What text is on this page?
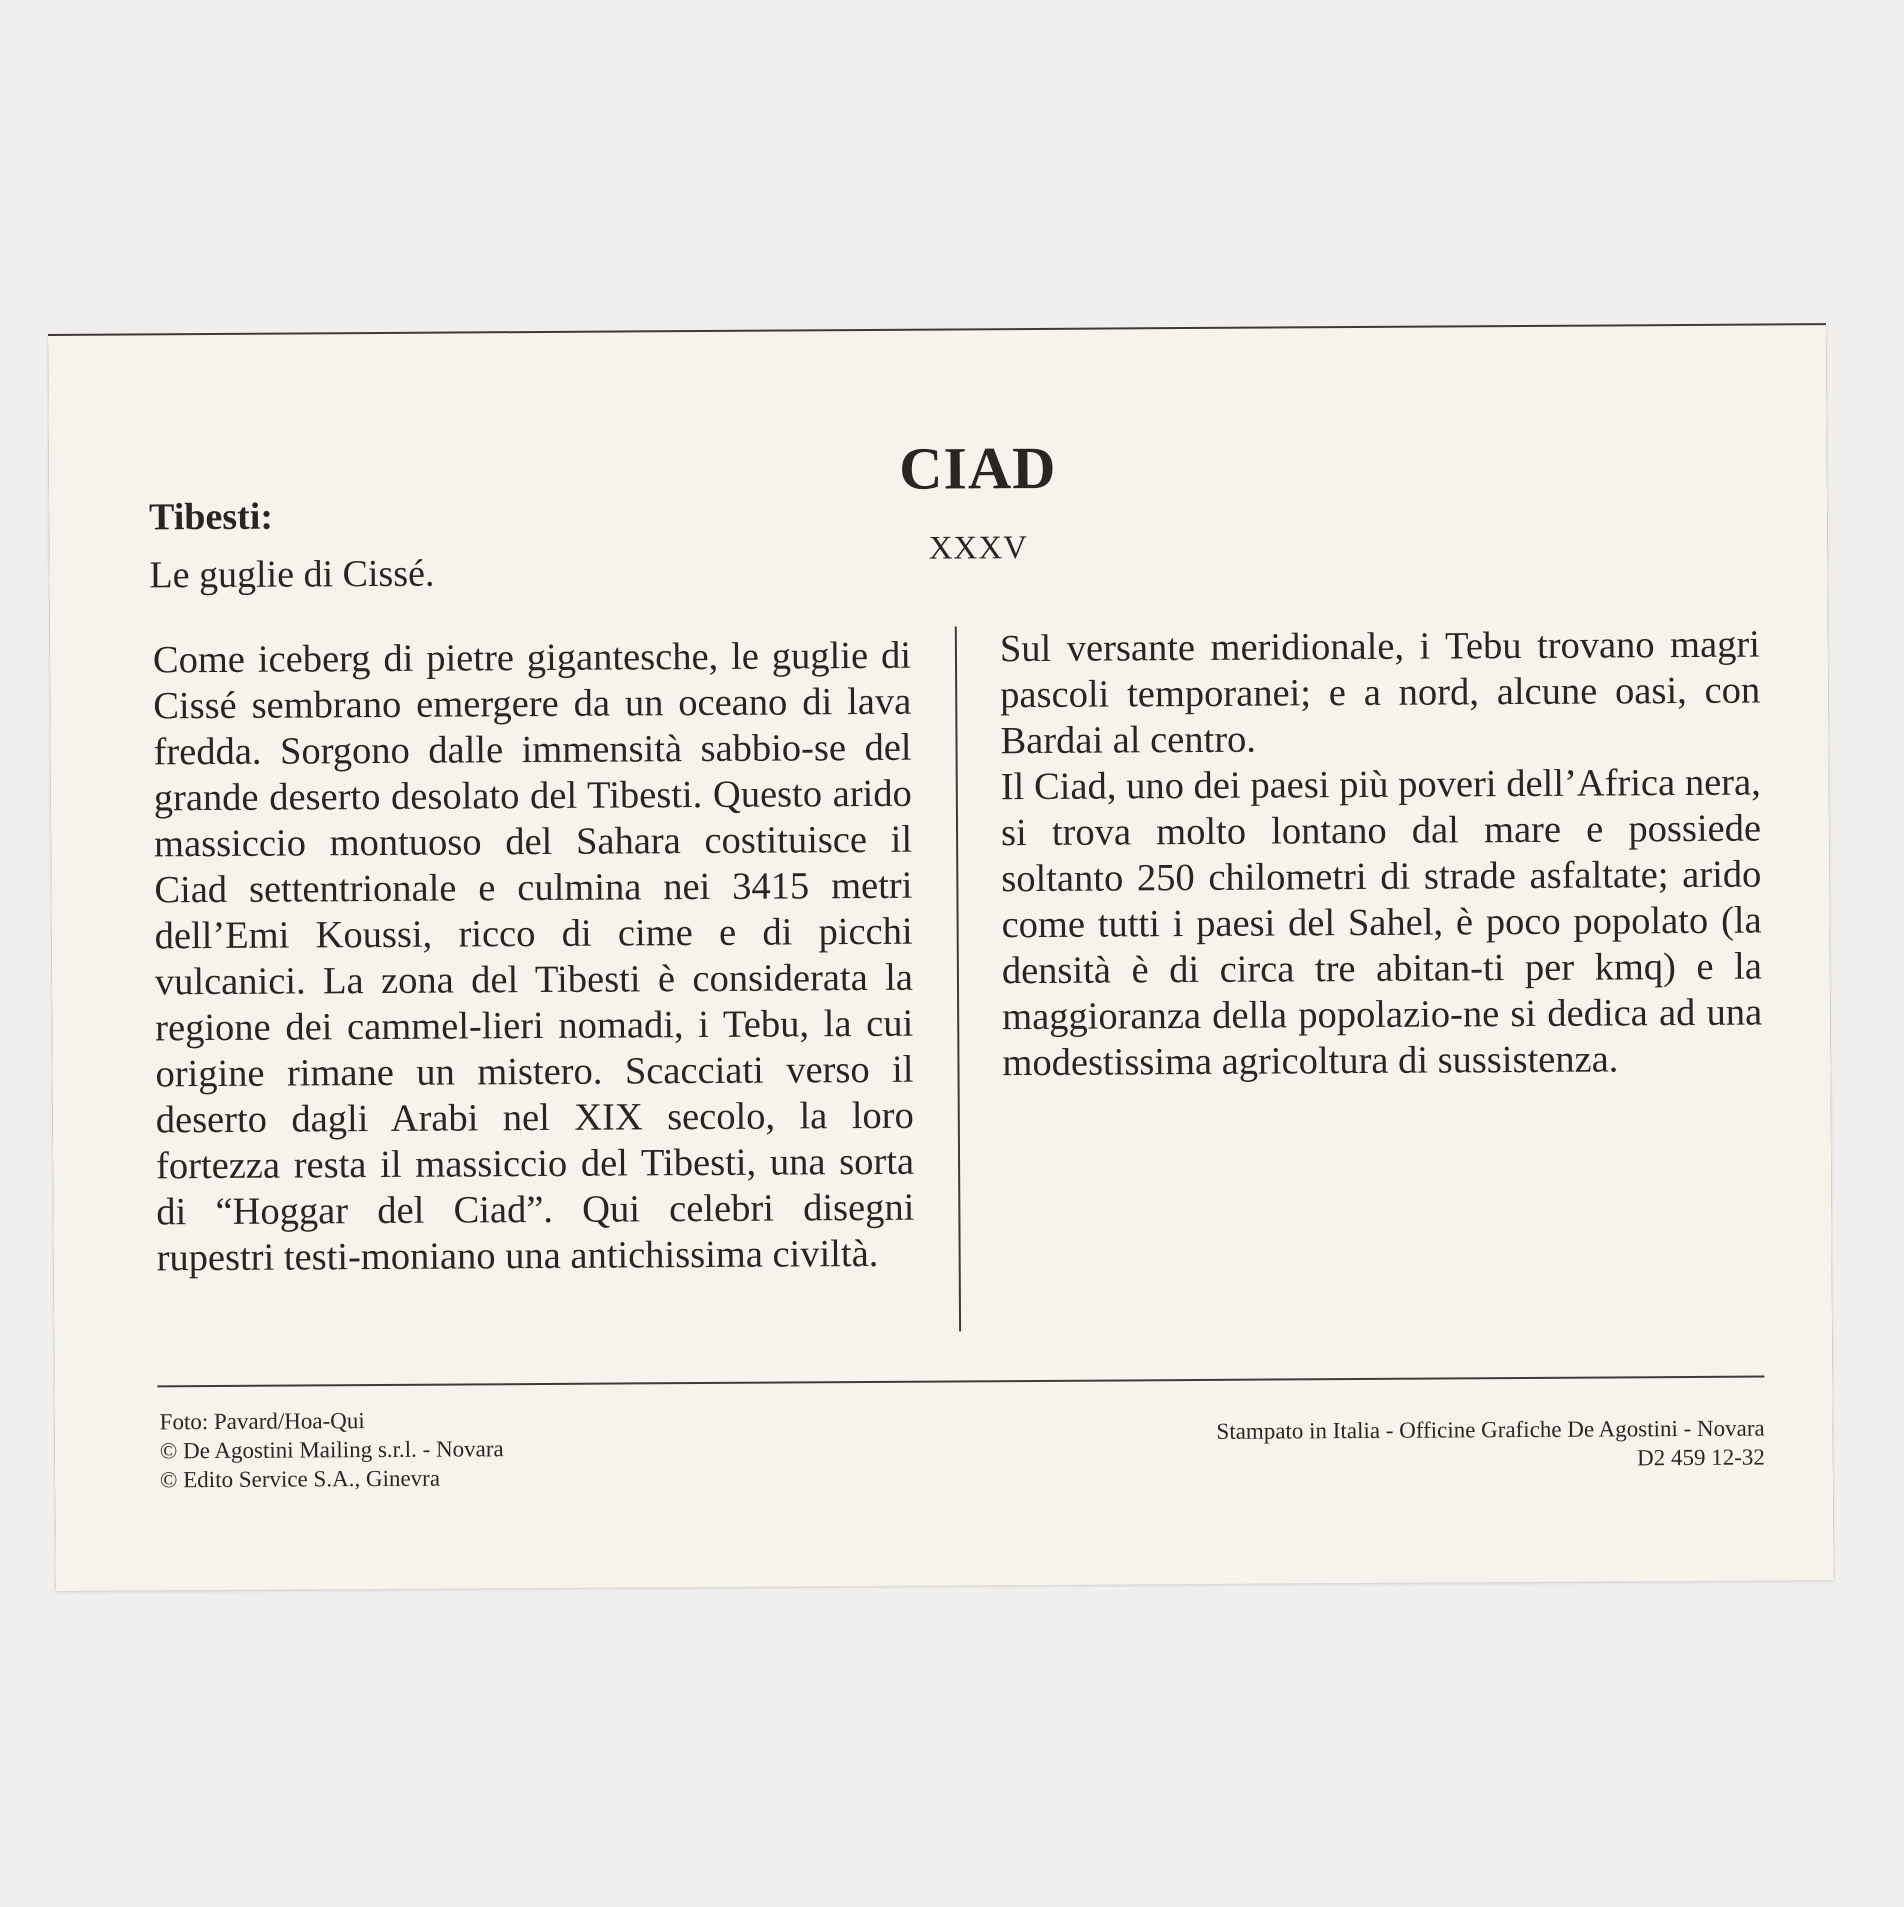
CIAD
XXXV
Tibesti:
Le guglie di Cissé.

Come iceberg di pietre gigantesche, le guglie di Cissé sembrano emergere da un oceano di lava fredda. Sorgono dalle immensità sabbio-se del grande deserto desolato del Tibesti. Questo arido massiccio montuoso del Sahara costituisce il Ciad settentrionale e culmina nei 3415 metri dell’Emi Koussi, ricco di cime e di picchi vulcanici. La zona del Tibesti è considerata la regione dei cammel-lieri nomadi, i Tebu, la cui origine rimane un mistero. Scacciati verso il deserto dagli Arabi nel XIX secolo, la loro fortezza resta il massiccio del Tibesti, una sorta di “Hoggar del Ciad”. Qui celebri disegni rupestri testi-moniano una antichissima civiltà.

Sul versante meridionale, i Tebu trovano magri pascoli temporanei; e a nord, alcune oasi, con Bardai al centro.

Il Ciad, uno dei paesi più poveri dell’Africa nera, si trova molto lontano dal mare e possiede soltanto 250 chilometri di strade asfaltate; arido come tutti i paesi del Sahel, è poco popolato (la densità è di circa tre abitan-ti per kmq) e la maggioranza della popolazio-ne si dedica ad una modestissima agricoltura di sussistenza.

Foto: Pavard/Hoa-Qui
© De Agostini Mailing s.r.l. - Novara
© Edito Service S.A., Ginevra
Stampato in Italia - Officine Grafiche De Agostini - Novara
D2 459 12-32
